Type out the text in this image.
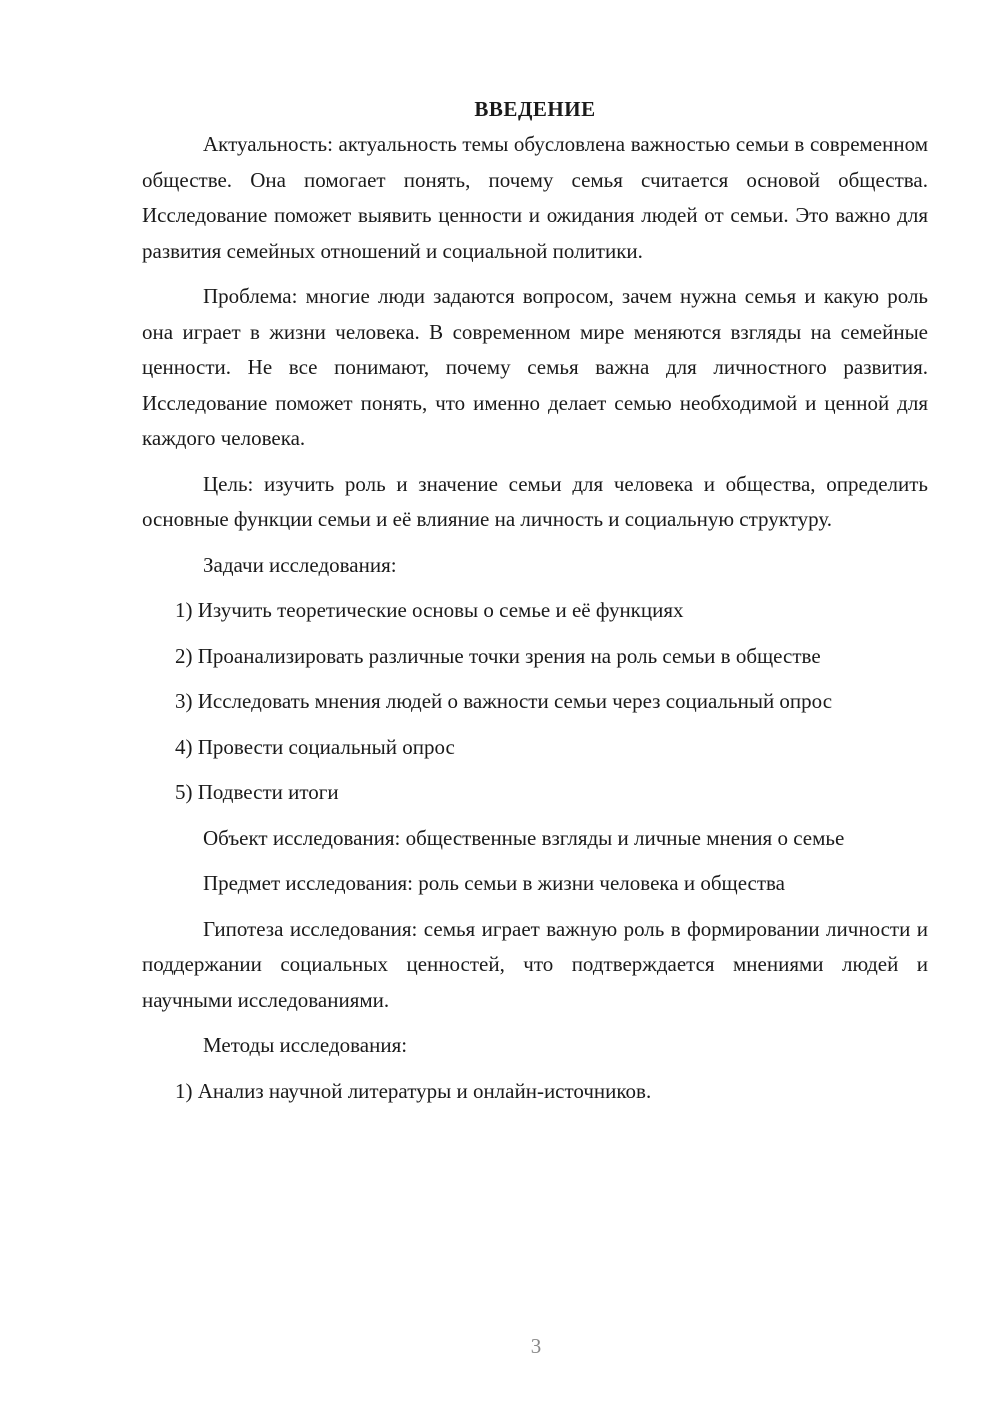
ВВЕДЕНИЕ

Актуальность: актуальность темы обусловлена важностью семьи в современном обществе. Она помогает понять, почему семья считается основой общества. Исследование поможет выявить ценности и ожидания людей от семьи. Это важно для развития семейных отношений и социальной политики.

Проблема: многие люди задаются вопросом, зачем нужна семья и какую роль она играет в жизни человека. В современном мире меняются взгляды на семейные ценности. Не все понимают, почему семья важна для личностного развития. Исследование поможет понять, что именно делает семью необходимой и ценной для каждого человека.

Цель: изучить роль и значение семьи для человека и общества, определить основные функции семьи и её влияние на личность и социальную структуру.

Задачи исследования:

1) Изучить теоретические основы о семье и её функциях

2) Проанализировать различные точки зрения на роль семьи в обществе

3) Исследовать мнения людей о важности семьи через социальный опрос

4) Провести социальный опрос

5) Подвести итоги

Объект исследования: общественные взгляды и личные мнения о семье

Предмет исследования: роль семьи в жизни человека и общества

Гипотеза исследования: семья играет важную роль в формировании личности и поддержании социальных ценностей, что подтверждается мнениями людей и научными исследованиями.

Методы исследования:

1) Анализ научной литературы и онлайн-источников.

3
